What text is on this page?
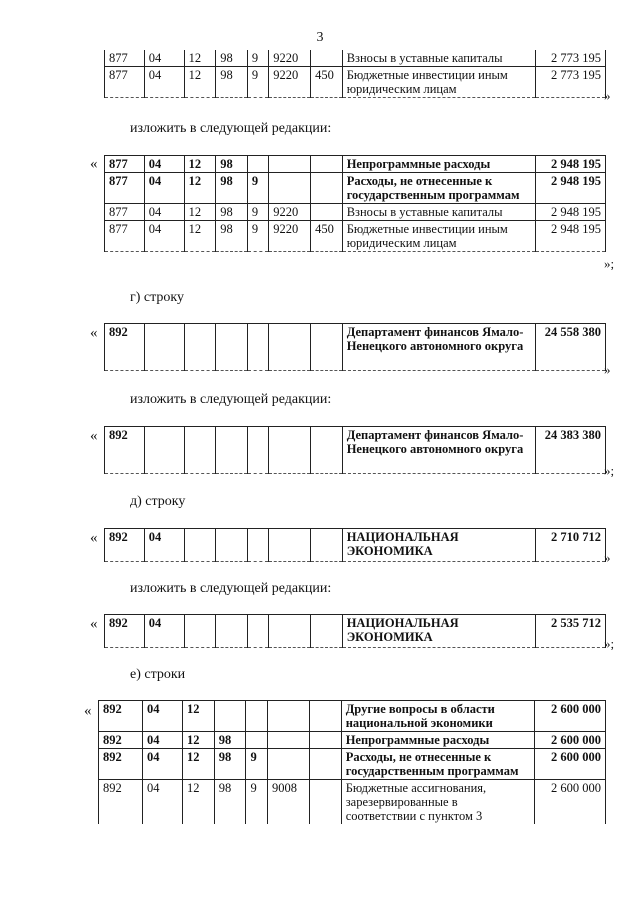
3
877	04	12	98	9	9220		Взносы в уставные капиталы	2 773 195
877	04	12	98	9	9220	450	Бюджетные инвестиции иным юридическим лицам	2 773 195
»
изложить в следующей редакции:
« 877	04	12	98				Непрограммные расходы	2 948 195
877	04	12	98	9			Расходы, не отнесенные к государственным программам	2 948 195
877	04	12	98	9	9220		Взносы в уставные капиталы	2 948 195
877	04	12	98	9	9220	450	Бюджетные инвестиции иным юридическим лицам	2 948 195
»;
г) строку
« 892							Департамент финансов Ямало-Ненецкого автономного округа	24 558 380
»
изложить в следующей редакции:
« 892							Департамент финансов Ямало-Ненецкого автономного округа	24 383 380
»;
д) строку
« 892	04						НАЦИОНАЛЬНАЯ ЭКОНОМИКА	2 710 712
»
изложить в следующей редакции:
« 892	04						НАЦИОНАЛЬНАЯ ЭКОНОМИКА	2 535 712
»;
е) строки
« 892	04	12					Другие вопросы в области национальной экономики	2 600 000
892	04	12	98				Непрограммные расходы	2 600 000
892	04	12	98	9			Расходы, не отнесенные к государственным программам	2 600 000
892	04	12	98	9	9008		Бюджетные ассигнования, зарезервированные в соответствии с пунктом 3	2 600 000
